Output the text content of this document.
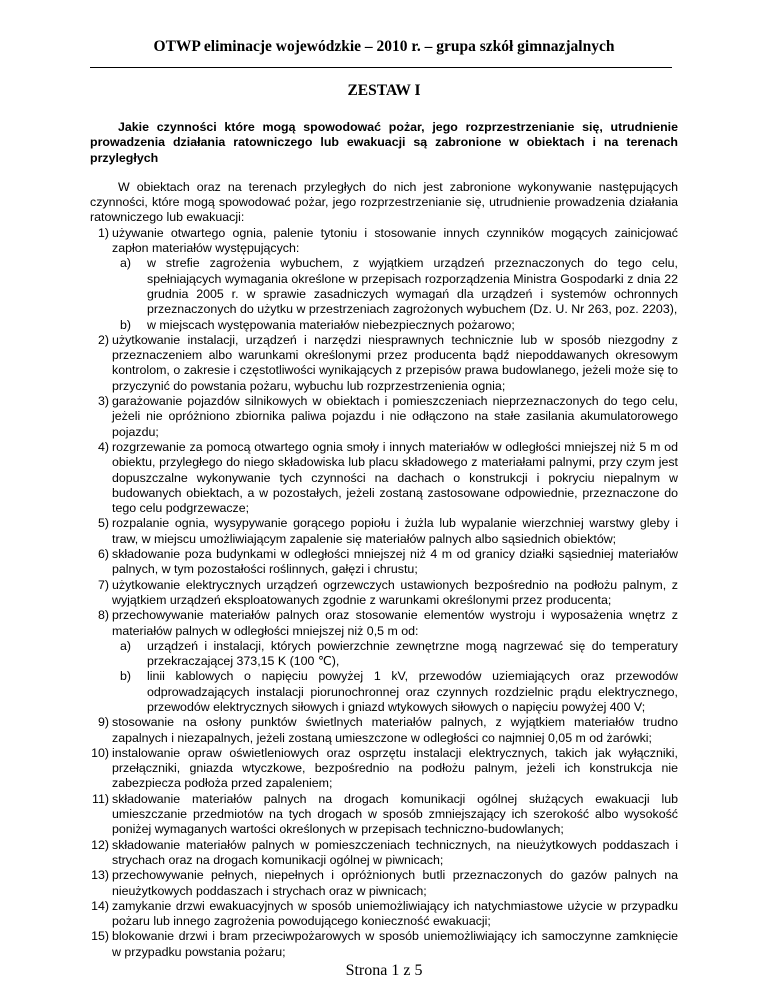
OTWP eliminacje wojewódzkie – 2010 r. – grupa szkół gimnazjalnych
ZESTAW I

Jakie czynności które mogą spowodować pożar, jego rozprzestrzenianie się, utrudnienie prowadzenia działania ratowniczego lub ewakuacji są zabronione w obiektach i na terenach przyległych

W obiektach oraz na terenach przyległych do nich jest zabronione wykonywanie następujących czynności, które mogą spowodować pożar, jego rozprzestrzenianie się, utrudnienie prowadzenia działania ratowniczego lub ewakuacji:

1) używanie otwartego ognia, palenie tytoniu i stosowanie innych czynników mogących zainicjować zapłon materiałów występujących:
a) w strefie zagrożenia wybuchem, z wyjątkiem urządzeń przeznaczonych do tego celu, spełniających wymagania określone w przepisach rozporządzenia Ministra Gospodarki z dnia 22 grudnia 2005 r. w sprawie zasadniczych wymagań dla urządzeń i systemów ochronnych przeznaczonych do użytku w przestrzeniach zagrożonych wybuchem (Dz. U. Nr 263, poz. 2203),
b) w miejscach występowania materiałów niebezpiecznych pożarowo;
2) użytkowanie instalacji, urządzeń i narzędzi niesprawnych technicznie lub w sposób niezgodny z przeznaczeniem albo warunkami określonymi przez producenta bądź niepoddawanych okresowym kontrolom, o zakresie i częstotliwości wynikających z przepisów prawa budowlanego, jeżeli może się to przyczynić do powstania pożaru, wybuchu lub rozprzestrzenienia ognia;
3) garażowanie pojazdów silnikowych w obiektach i pomieszczeniach nieprzeznaczonych do tego celu, jeżeli nie opróżniono zbiornika paliwa pojazdu i nie odłączono na stałe zasilania akumulatorowego pojazdu;
4) rozgrzewanie za pomocą otwartego ognia smoły i innych materiałów w odległości mniejszej niż 5 m od obiektu, przyległego do niego składowiska lub placu składowego z materiałami palnymi, przy czym jest dopuszczalne wykonywanie tych czynności na dachach o konstrukcji i pokryciu niepalnym w budowanych obiektach, a w pozostałych, jeżeli zostaną zastosowane odpowiednie, przeznaczone do tego celu podgrzewacze;
5) rozpalanie ognia, wysypywanie gorącego popiołu i żużla lub wypalanie wierzchniej warstwy gleby i traw, w miejscu umożliwiającym zapalenie się materiałów palnych albo sąsiednich obiektów;
6) składowanie poza budynkami w odległości mniejszej niż 4 m od granicy działki sąsiedniej materiałów palnych, w tym pozostałości roślinnych, gałęzi i chrustu;
7) użytkowanie elektrycznych urządzeń ogrzewczych ustawionych bezpośrednio na podłożu palnym, z wyjątkiem urządzeń eksploatowanych zgodnie z warunkami określonymi przez producenta;
8) przechowywanie materiałów palnych oraz stosowanie elementów wystroju i wyposażenia wnętrz z materiałów palnych w odległości mniejszej niż 0,5 m od:
a) urządzeń i instalacji, których powierzchnie zewnętrzne mogą nagrzewać się do temperatury przekraczającej 373,15 K (100 ℃),
b) linii kablowych o napięciu powyżej 1 kV, przewodów uziemiających oraz przewodów odprowadzających instalacji piorunochronnej oraz czynnych rozdzielnic prądu elektrycznego, przewodów elektrycznych siłowych i gniazd wtykowych siłowych o napięciu powyżej 400 V;
9) stosowanie na osłony punktów świetlnych materiałów palnych, z wyjątkiem materiałów trudno zapalnych i niezapalnych, jeżeli zostaną umieszczone w odległości co najmniej 0,05 m od żarówki;
10) instalowanie opraw oświetleniowych oraz osprzętu instalacji elektrycznych, takich jak wyłączniki, przełączniki, gniazda wtyczkowe, bezpośrednio na podłożu palnym, jeżeli ich konstrukcja nie zabezpiecza podłoża przed zapaleniem;
11) składowanie materiałów palnych na drogach komunikacji ogólnej służących ewakuacji lub umieszczanie przedmiotów na tych drogach w sposób zmniejszający ich szerokość albo wysokość poniżej wymaganych wartości określonych w przepisach techniczno-budowlanych;
12) składowanie materiałów palnych w pomieszczeniach technicznych, na nieużytkowych poddaszach i strychach oraz na drogach komunikacji ogólnej w piwnicach;
13) przechowywanie pełnych, niepełnych i opróżnionych butli przeznaczonych do gazów palnych na nieużytkowych poddaszach i strychach oraz w piwnicach;
14) zamykanie drzwi ewakuacyjnych w sposób uniemożliwiający ich natychmiastowe użycie w przypadku pożaru lub innego zagrożenia powodującego konieczność ewakuacji;
15) blokowanie drzwi i bram przeciwpożarowych w sposób uniemożliwiający ich samoczynne zamknięcie w przypadku powstania pożaru;
Strona 1 z 5
